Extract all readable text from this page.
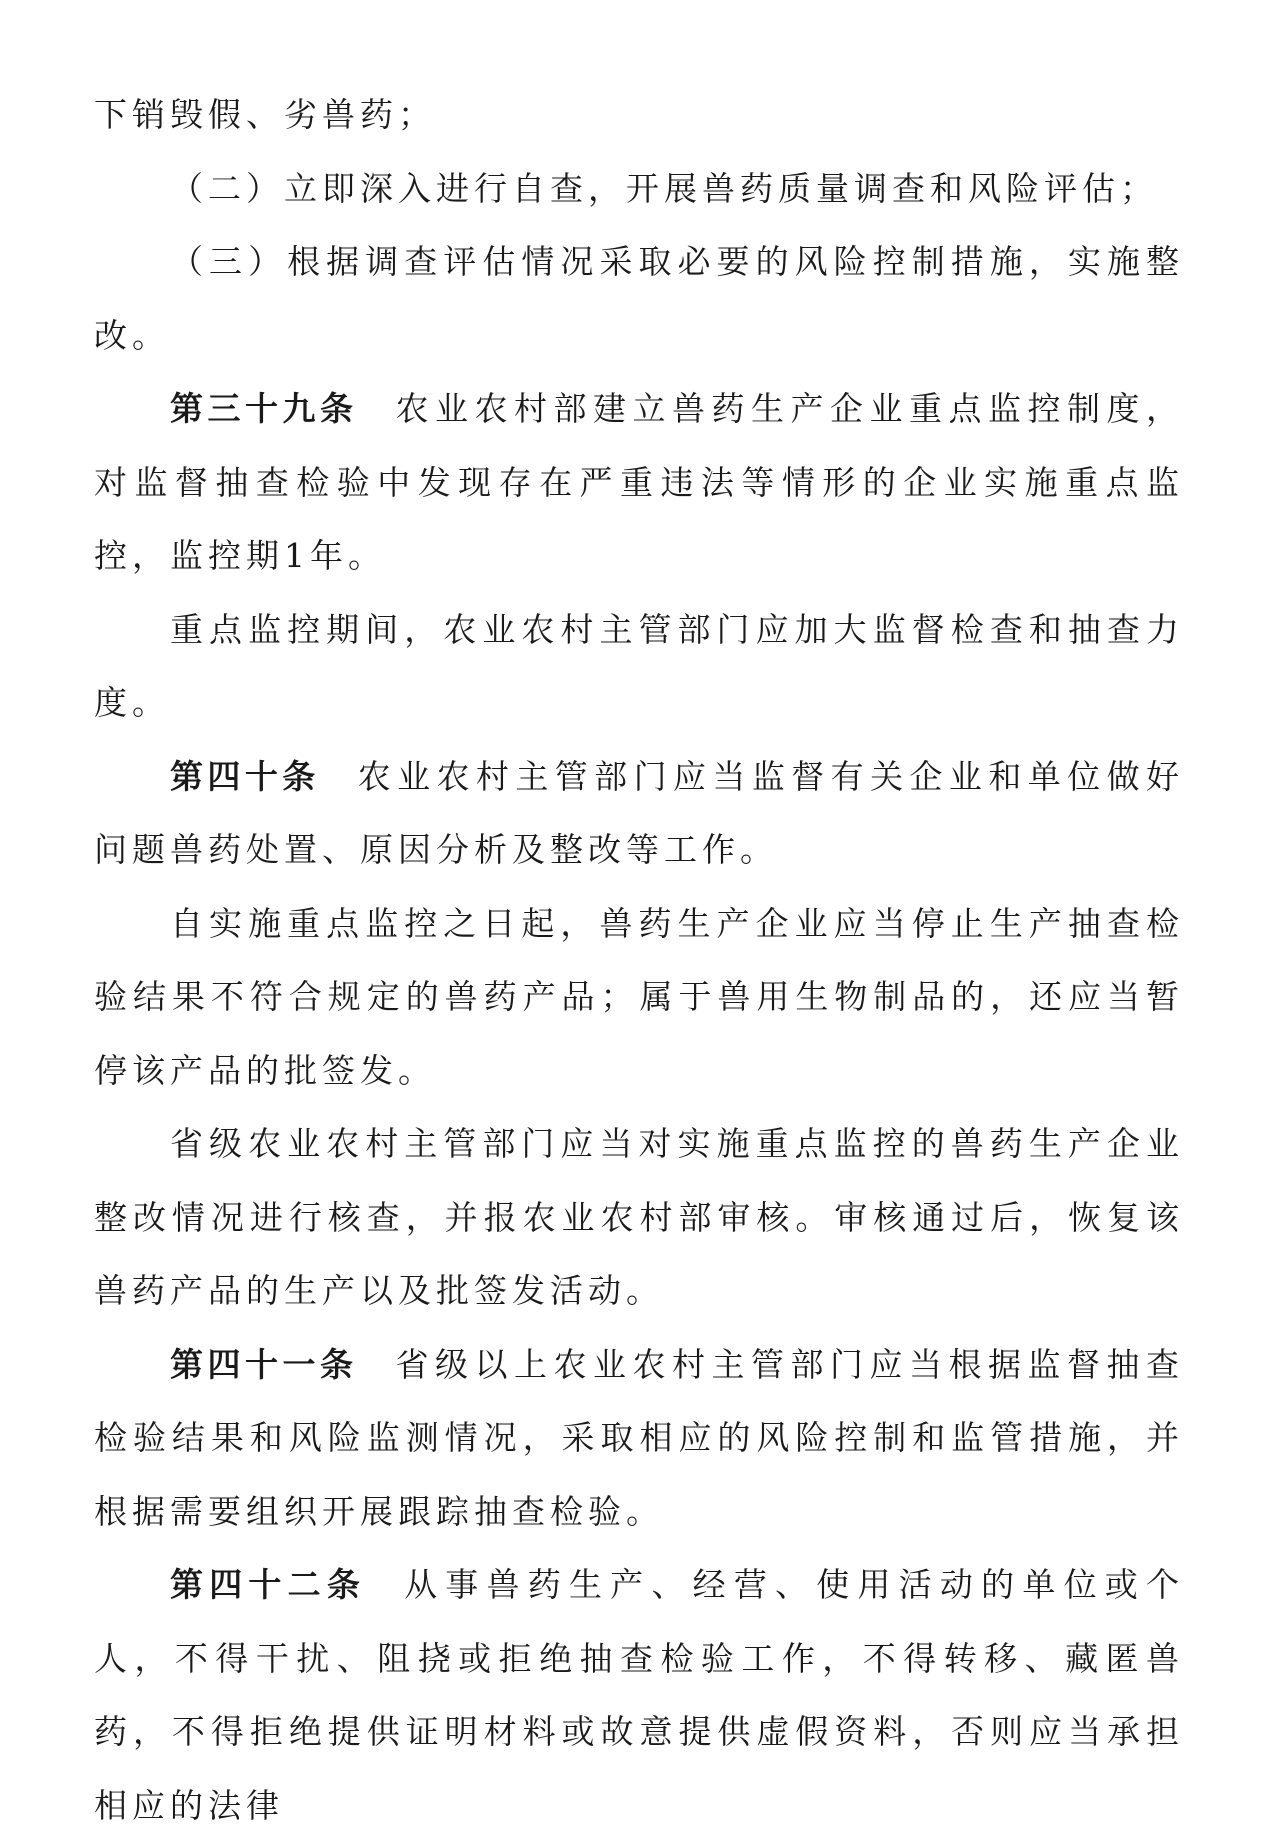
下销毁假、劣兽药；

（二）立即深入进行自查，开展兽药质量调查和风险评估；

（三）根据调查评估情况采取必要的风险控制措施，实施整改。

第三十九条 农业农村部建立兽药生产企业重点监控制度，对监督抽查检验中发现存在严重违法等情形的企业实施重点监控，监控期1年。

重点监控期间，农业农村主管部门应加大监督检查和抽查力度。

第四十条 农业农村主管部门应当监督有关企业和单位做好问题兽药处置、原因分析及整改等工作。

自实施重点监控之日起，兽药生产企业应当停止生产抽查检验结果不符合规定的兽药产品；属于兽用生物制品的，还应当暂停该产品的批签发。

省级农业农村主管部门应当对实施重点监控的兽药生产企业整改情况进行核查，并报农业农村部审核。审核通过后，恢复该兽药产品的生产以及批签发活动。

第四十一条 省级以上农业农村主管部门应当根据监督抽查检验结果和风险监测情况，采取相应的风险控制和监管措施，并根据需要组织开展跟踪抽查检验。

第四十二条 从事兽药生产、经营、使用活动的单位或个人，不得干扰、阻挠或拒绝抽查检验工作，不得转移、藏匿兽药，不得拒绝提供证明材料或故意提供虚假资料，否则应当承担相应的法律
